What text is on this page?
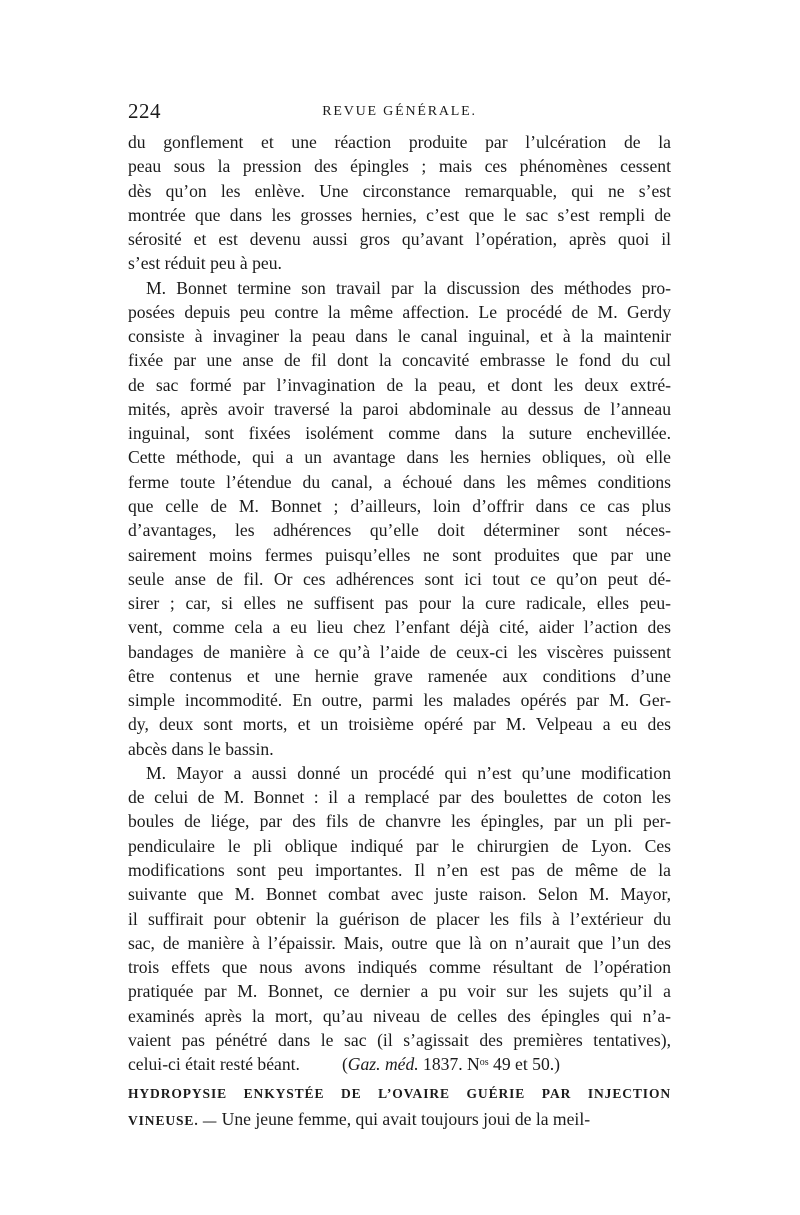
224	REVUE GÉNÉRALE.
du gonflement et une réaction produite par l’ulcération de la
peau sous la pression des épingles ; mais ces phénomènes cessent
dès qu’on les enlève. Une circonstance remarquable, qui ne s’est
montrée que dans les grosses hernies, c’est que le sac s’est rempli de
sérosité et est devenu aussi gros qu’avant l’opération, après quoi il
s’est réduit peu à peu.
M. Bonnet termine son travail par la discussion des méthodes pro-
posées depuis peu contre la même affection. Le procédé de M. Gerdy
consiste à invaginer la peau dans le canal inguinal, et à la maintenir
fixée par une anse de fil dont la concavité embrasse le fond du cul
de sac formé par l’invagination de la peau, et dont les deux extré-
mités, après avoir traversé la paroi abdominale au dessus de l’anneau
inguinal, sont fixées isolément comme dans la suture enchevillée.
Cette méthode, qui a un avantage dans les hernies obliques, où elle
ferme toute l’étendue du canal, a échoué dans les mêmes conditions
que celle de M. Bonnet ; d’ailleurs, loin d’offrir dans ce cas plus
d’avantages, les adhérences qu’elle doit déterminer sont néces-
sairement moins fermes puisqu’elles ne sont produites que par une
seule anse de fil. Or ces adhérences sont ici tout ce qu’on peut dé-
sirer ; car, si elles ne suffisent pas pour la cure radicale, elles peu-
vent, comme cela a eu lieu chez l’enfant déjà cité, aider l’action des
bandages de manière à ce qu’à l’aide de ceux-ci les viscères puissent
être contenus et une hernie grave ramenée aux conditions d’une
simple incommodité. En outre, parmi les malades opérés par M. Ger-
dy, deux sont morts, et un troisième opéré par M. Velpeau a eu des
abcès dans le bassin.
M. Mayor a aussi donné un procédé qui n’est qu’une modification
de celui de M. Bonnet : il a remplacé par des boulettes de coton les
boules de liége, par des fils de chanvre les épingles, par un pli per-
pendiculaire le pli oblique indiqué par le chirurgien de Lyon. Ces
modifications sont peu importantes. Il n’en est pas de même de la
suivante que M. Bonnet combat avec juste raison. Selon M. Mayor,
il suffirait pour obtenir la guérison de placer les fils à l’extérieur du
sac, de manière à l’épaissir. Mais, outre que là on n’aurait que l’un des
trois effets que nous avons indiqués comme résultant de l’opération
pratiquée par M. Bonnet, ce dernier a pu voir sur les sujets qu’il a
examinés après la mort, qu’au niveau de celles des épingles qui n’a-
vaient pas pénétré dans le sac (il s’agissait des premières tentatives),
celui-ci était resté béant. (Gaz. méd. 1837. $N^{os}$ 49 et 50.)
HYDROPYSIE ENKYSTÉE DE L’OVAIRE GUÉRIE PAR INJECTION
VINEUSE. — Une jeune femme, qui avait toujours joui de la meil-
